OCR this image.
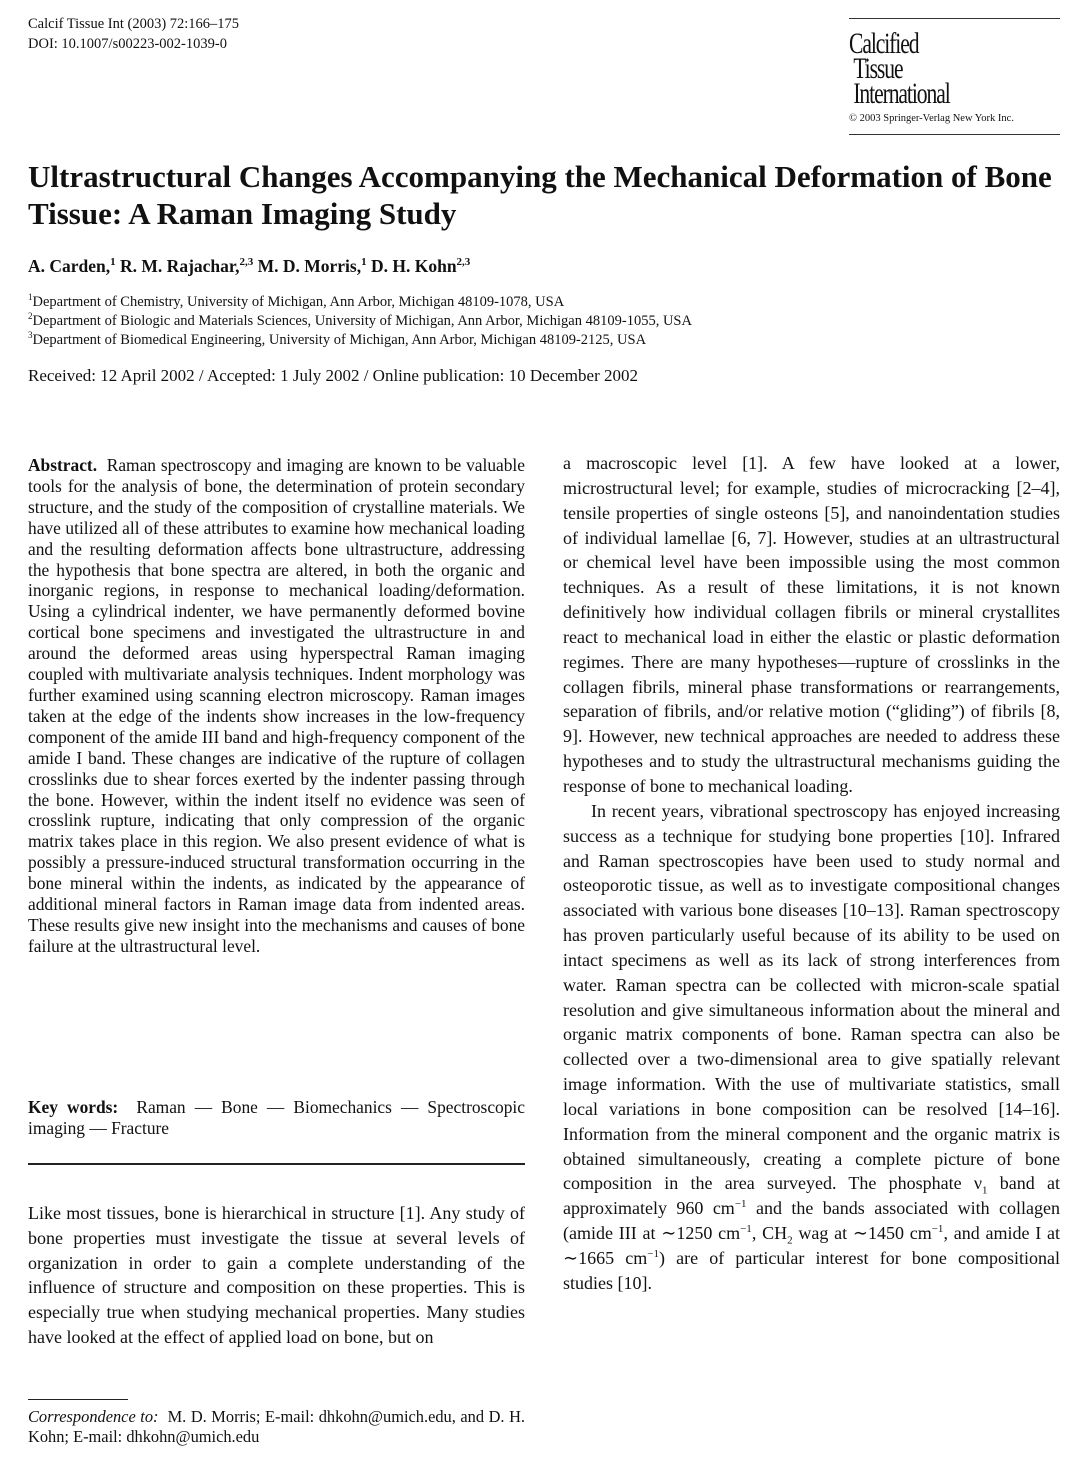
Calcif Tissue Int (2003) 72:166–175
DOI: 10.1007/s00223-002-1039-0	Calcified
Tissue
International
© 2003 Springer-Verlag New York Inc.
Ultrastructural Changes Accompanying the Mechanical Deformation of Bone Tissue: A Raman Imaging Study
A. Carden,$^1$ R. M. Rajachar,$^{2,3}$ M. D. Morris,$^1$ D. H. Kohn$^{2,3}$
$^1$Department of Chemistry, University of Michigan, Ann Arbor, Michigan 48109-1078, USA
$^2$Department of Biologic and Materials Sciences, University of Michigan, Ann Arbor, Michigan 48109-1055, USA
$^3$Department of Biomedical Engineering, University of Michigan, Ann Arbor, Michigan 48109-2125, USA
Received: 12 April 2002 / Accepted: 1 July 2002 / Online publication: 10 December 2002
Abstract. Raman spectroscopy and imaging are known to be valuable tools for the analysis of bone, the determination of protein secondary structure, and the study of the composition of crystalline materials. We have utilized all of these attributes to examine how mechanical loading and the resulting deformation affects bone ultrastructure, addressing the hypothesis that bone spectra are altered, in both the organic and inorganic regions, in response to mechanical loading/deformation. Using a cylindrical indenter, we have permanently deformed bovine cortical bone specimens and investigated the ultrastructure in and around the deformed areas using hyperspectral Raman imaging coupled with multivariate analysis techniques. Indent morphology was further examined using scanning electron microscopy. Raman images taken at the edge of the indents show increases in the low-frequency component of the amide III band and high-frequency component of the amide I band. These changes are indicative of the rupture of collagen crosslinks due to shear forces exerted by the indenter passing through the bone. However, within the indent itself no evidence was seen of crosslink rupture, indicating that only compression of the organic matrix takes place in this region. We also present evidence of what is possibly a pressure-induced structural transformation occurring in the bone mineral within the indents, as indicated by the appearance of additional mineral factors in Raman image data from indented areas. These results give new insight into the mechanisms and causes of bone failure at the ultrastructural level.
Key words: Raman — Bone — Biomechanics — Spectroscopic imaging — Fracture

Like most tissues, bone is hierarchical in structure [1]. Any study of bone properties must investigate the tissue at several levels of organization in order to gain a complete understanding of the influence of structure and composition on these properties. This is especially true when studying mechanical properties. Many studies have looked at the effect of applied load on bone, but on

Correspondence to: M. D. Morris; E-mail: dhkohn@umich.edu, and D. H. Kohn; E-mail: dhkohn@umich.edu

a macroscopic level [1]. A few have looked at a lower, microstructural level; for example, studies of microcracking [2–4], tensile properties of single osteons [5], and nanoindentation studies of individual lamellae [6, 7]. However, studies at an ultrastructural or chemical level have been impossible using the most common techniques. As a result of these limitations, it is not known definitively how individual collagen fibrils or mineral crystallites react to mechanical load in either the elastic or plastic deformation regimes. There are many hypotheses—rupture of crosslinks in the collagen fibrils, mineral phase transformations or rearrangements, separation of fibrils, and/or relative motion (“gliding”) of fibrils [8, 9]. However, new technical approaches are needed to address these hypotheses and to study the ultrastructural mechanisms guiding the response of bone to mechanical loading.

In recent years, vibrational spectroscopy has enjoyed increasing success as a technique for studying bone properties [10]. Infrared and Raman spectroscopies have been used to study normal and osteoporotic tissue, as well as to investigate compositional changes associated with various bone diseases [10–13]. Raman spectroscopy has proven particularly useful because of its ability to be used on intact specimens as well as its lack of strong interferences from water. Raman spectra can be collected with micron-scale spatial resolution and give simultaneous information about the mineral and organic matrix components of bone. Raman spectra can also be collected over a two-dimensional area to give spatially relevant image information. With the use of multivariate statistics, small local variations in bone composition can be resolved [14–16]. Information from the mineral component and the organic matrix is obtained simultaneously, creating a complete picture of bone composition in the area surveyed. The phosphate $\nu_1$ band at approximately 960 $cm^{-1}$ and the bands associated with collagen (amide III at ∼1250 $cm^{-1}$, $CH_2$ wag at ∼1450 $cm^{-1}$, and amide I at ∼1665 $cm^{-1}$) are of particular interest for bone compositional studies [10].
